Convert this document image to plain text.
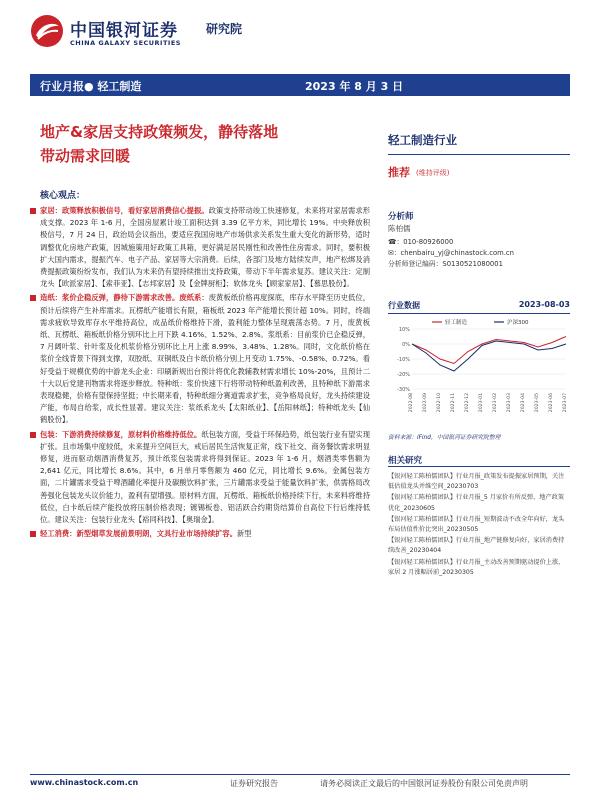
中国银河证券
CHINA GALAXY SECURITIES
研究院
行业月报● 轻工制造	2023 年 8 月 3 日
地产&家居支持政策频发，静待落地
带动需求回暖
核心观点：
家居：政策释放积极信号，看好家居消费信心提振。政策支持带动竣工快速修复，未来将对家居需求形成支撑。2023 年 1-6 月，全国房屋累计竣工面积达到 3.39 亿平方米，同比增长 19%。中央释放积极信号，7 月 24 日，政治局会议指出，要适应我国房地产市场供求关系发生重大变化的新形势，适时调整优化房地产政策，因城施策用好政策工具箱，更好满足居民刚性和改善性住房需求。同时，要积极扩大国内需求，提振汽车、电子产品、家居等大宗消费。后续，各部门及地方陆续发声，地产松绑及消费提振政策纷纷发布，我们认为未来仍有望持续推出支持政策，带动下半年需求复苏。建议关注：定制龙头【欧派家居】、【索菲亚】、【志邦家居】及【金牌厨柜】；软体龙头【顾家家居】、【慕思股份】。
造纸：浆价企稳反弹，静待下游需求改善。废纸系：废黄板纸价格再度探底，库存水平降至历史低位，预计后续将产生补库需求。瓦楞纸产能增长有限，箱板纸 2023 年产能增长预计超 10%。同时，终端需求疲软导致库存水平维持高位，成品纸价格维持下滑，盈利能力整体呈现震荡态势。7 月，废黄板纸、瓦楞纸、箱板纸价格分别环比上月下跌 4.16%、1.52%、2.8%。浆纸系：目前浆价已企稳反弹，7 月阔叶浆、针叶浆及化机浆价格分别环比上月上涨 8.99%、3.48%、1.28%。同时，文化纸价格在浆价全线背景下得到支撑，双胶纸、双铜纸及白卡纸价格分别上月变动 1.75%、-0.58%、0.72%。看好受益于规模优势的中游龙头企业：印刷新规出台预计将优化教辅教材需求增长 10%-20%，且预计二十大以后党建刊物需求将逐步释放。特种纸：浆价快速下行将带动特种纸盈利改善，且特种纸下游需求表现稳健，价格有望保持坚挺；中长期来看，特种纸细分赛道需求扩张，竞争格局良好，龙头持续建设产能，布局自给浆，成长性显著。建议关注：浆纸系龙头【太阳纸业】、【岳阳林纸】；特种纸龙头【仙鹤股份】。
包装：下游消费持续修复，原材料价格维持低位。纸包装方面，受益于环保趋势，纸包装行业有望实现扩张。且市场集中度较低，未来提升空间巨大，戒后居民生活恢复正常，线下社交、商务餐饮需求明显修复，进而驱动烟酒消费复苏，预计纸浆包装需求将得到保证。2023 年 1-6 月，烟酒类零售额为 2,641 亿元，同比增长 8.6%。其中，6 月单月零售额为 460 亿元，同比增长 9.6%。金属包装方面，二片罐需求受益于啤酒罐化率提升及碳酸饮料扩张，三片罐需求受益于能量饮料扩张，供需格局改善强化包装龙头议价能力，盈利有望增强。原材料方面，瓦楞纸、箱板纸价格持续下行，未来料将维持低位，白卡纸后续产能投放将压制价格表现；镀锡板卷、铝活跃合约期货结算价自高位下行后维持低位。建议关注：包装行业龙头【裕同科技】、【奥瑞金】。
轻工消费：新型烟草发展前景明朗，文具行业市场持续扩容。新型
轻工制造行业
推荐 (维持评级)
分析师
陈柏儒
☎：010-80926000
✉：chenbairu_yj@chinastock.com.cn
分析师登记编码：S0130521080001
行业数据	2023-08-03
10%
0%
-10%
-20%
-30%
2022-08 2022-09 2022-10 2022-11 2022-12 2023-01 2023-02 2023-03 2023-04 2023-05 2023-06 2023-07
轻工制造	沪深300
资料来源：iFind，中国银河证券研究院整理
相关研究
【银河轻工陈柏儒团队】行业月报_政策发布提振家居预期，关注低估值龙头并维空间_20230703
【银河轻工陈柏儒团队】行业月报_5 月家价有所反弹，地产政策优化_20230605
【银河轻工陈柏儒团队】行业月报_短期波动不改全年向好，龙头布局估值性价比突出_20230505
【银河轻工陈柏儒团队】行业月报_地产链修复向好，家居消费持续改善_20230404
【银河轻工陈柏儒团队】行业月报_主动改善预期驱动提价上涨，家居 2 月涨幅居前_20230305
www.chinastock.com.cn	证券研究报告	请务必阅读正文最后的中国银河证券股份有限公司免责声明
